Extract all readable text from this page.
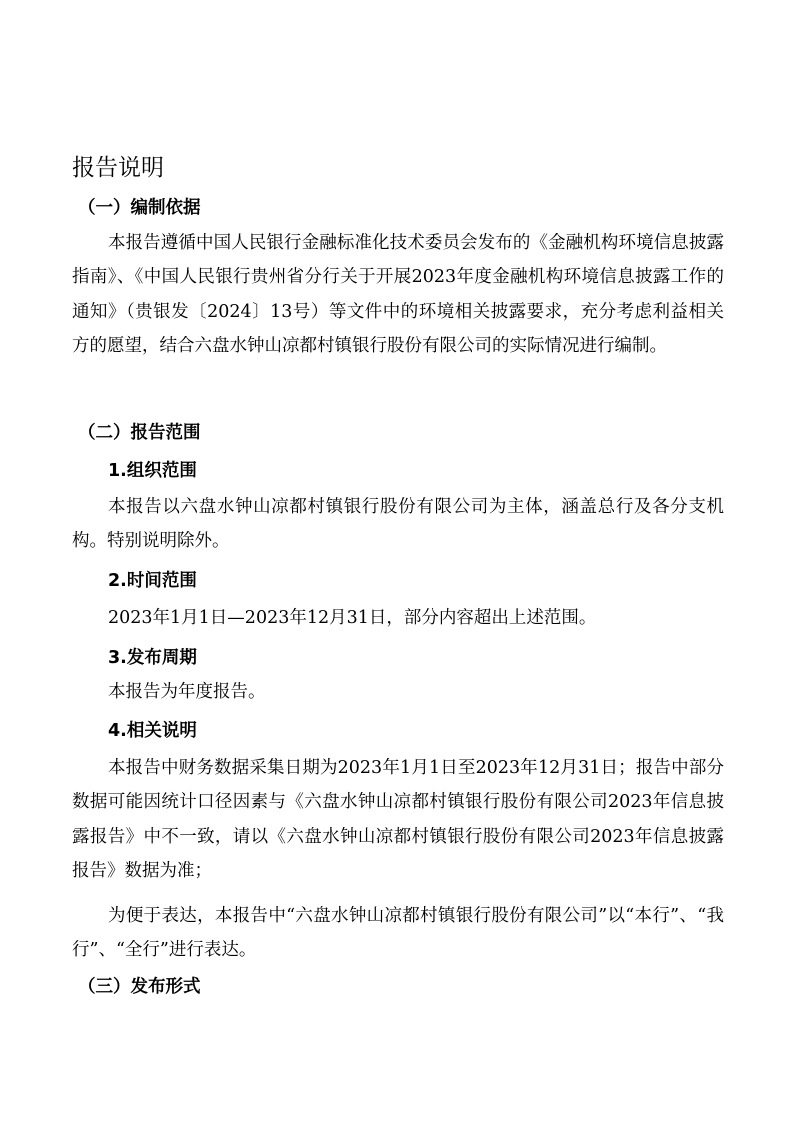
报告说明
（一）编制依据
本报告遵循中国人民银行金融标准化技术委员会发布的《金融机构环境信息披露指南》、《中国人民银行贵州省分行关于开展2023年度金融机构环境信息披露工作的通知》（贵银发〔2024〕13号）等文件中的环境相关披露要求，充分考虑利益相关方的愿望，结合六盘水钟山凉都村镇银行股份有限公司的实际情况进行编制。
（二）报告范围
1.组织范围
本报告以六盘水钟山凉都村镇银行股份有限公司为主体，涵盖总行及各分支机构。特别说明除外。
2.时间范围
2023年1月1日—2023年12月31日，部分内容超出上述范围。
3.发布周期
本报告为年度报告。
4.相关说明
本报告中财务数据采集日期为2023年1月1日至2023年12月31日；报告中部分数据可能因统计口径因素与《六盘水钟山凉都村镇银行股份有限公司2023年信息披露报告》中不一致，请以《六盘水钟山凉都村镇银行股份有限公司2023年信息披露报告》数据为准；
为便于表达，本报告中“六盘水钟山凉都村镇银行股份有限公司”以“本行”、“我行”、“全行”进行表达。
（三）发布形式
